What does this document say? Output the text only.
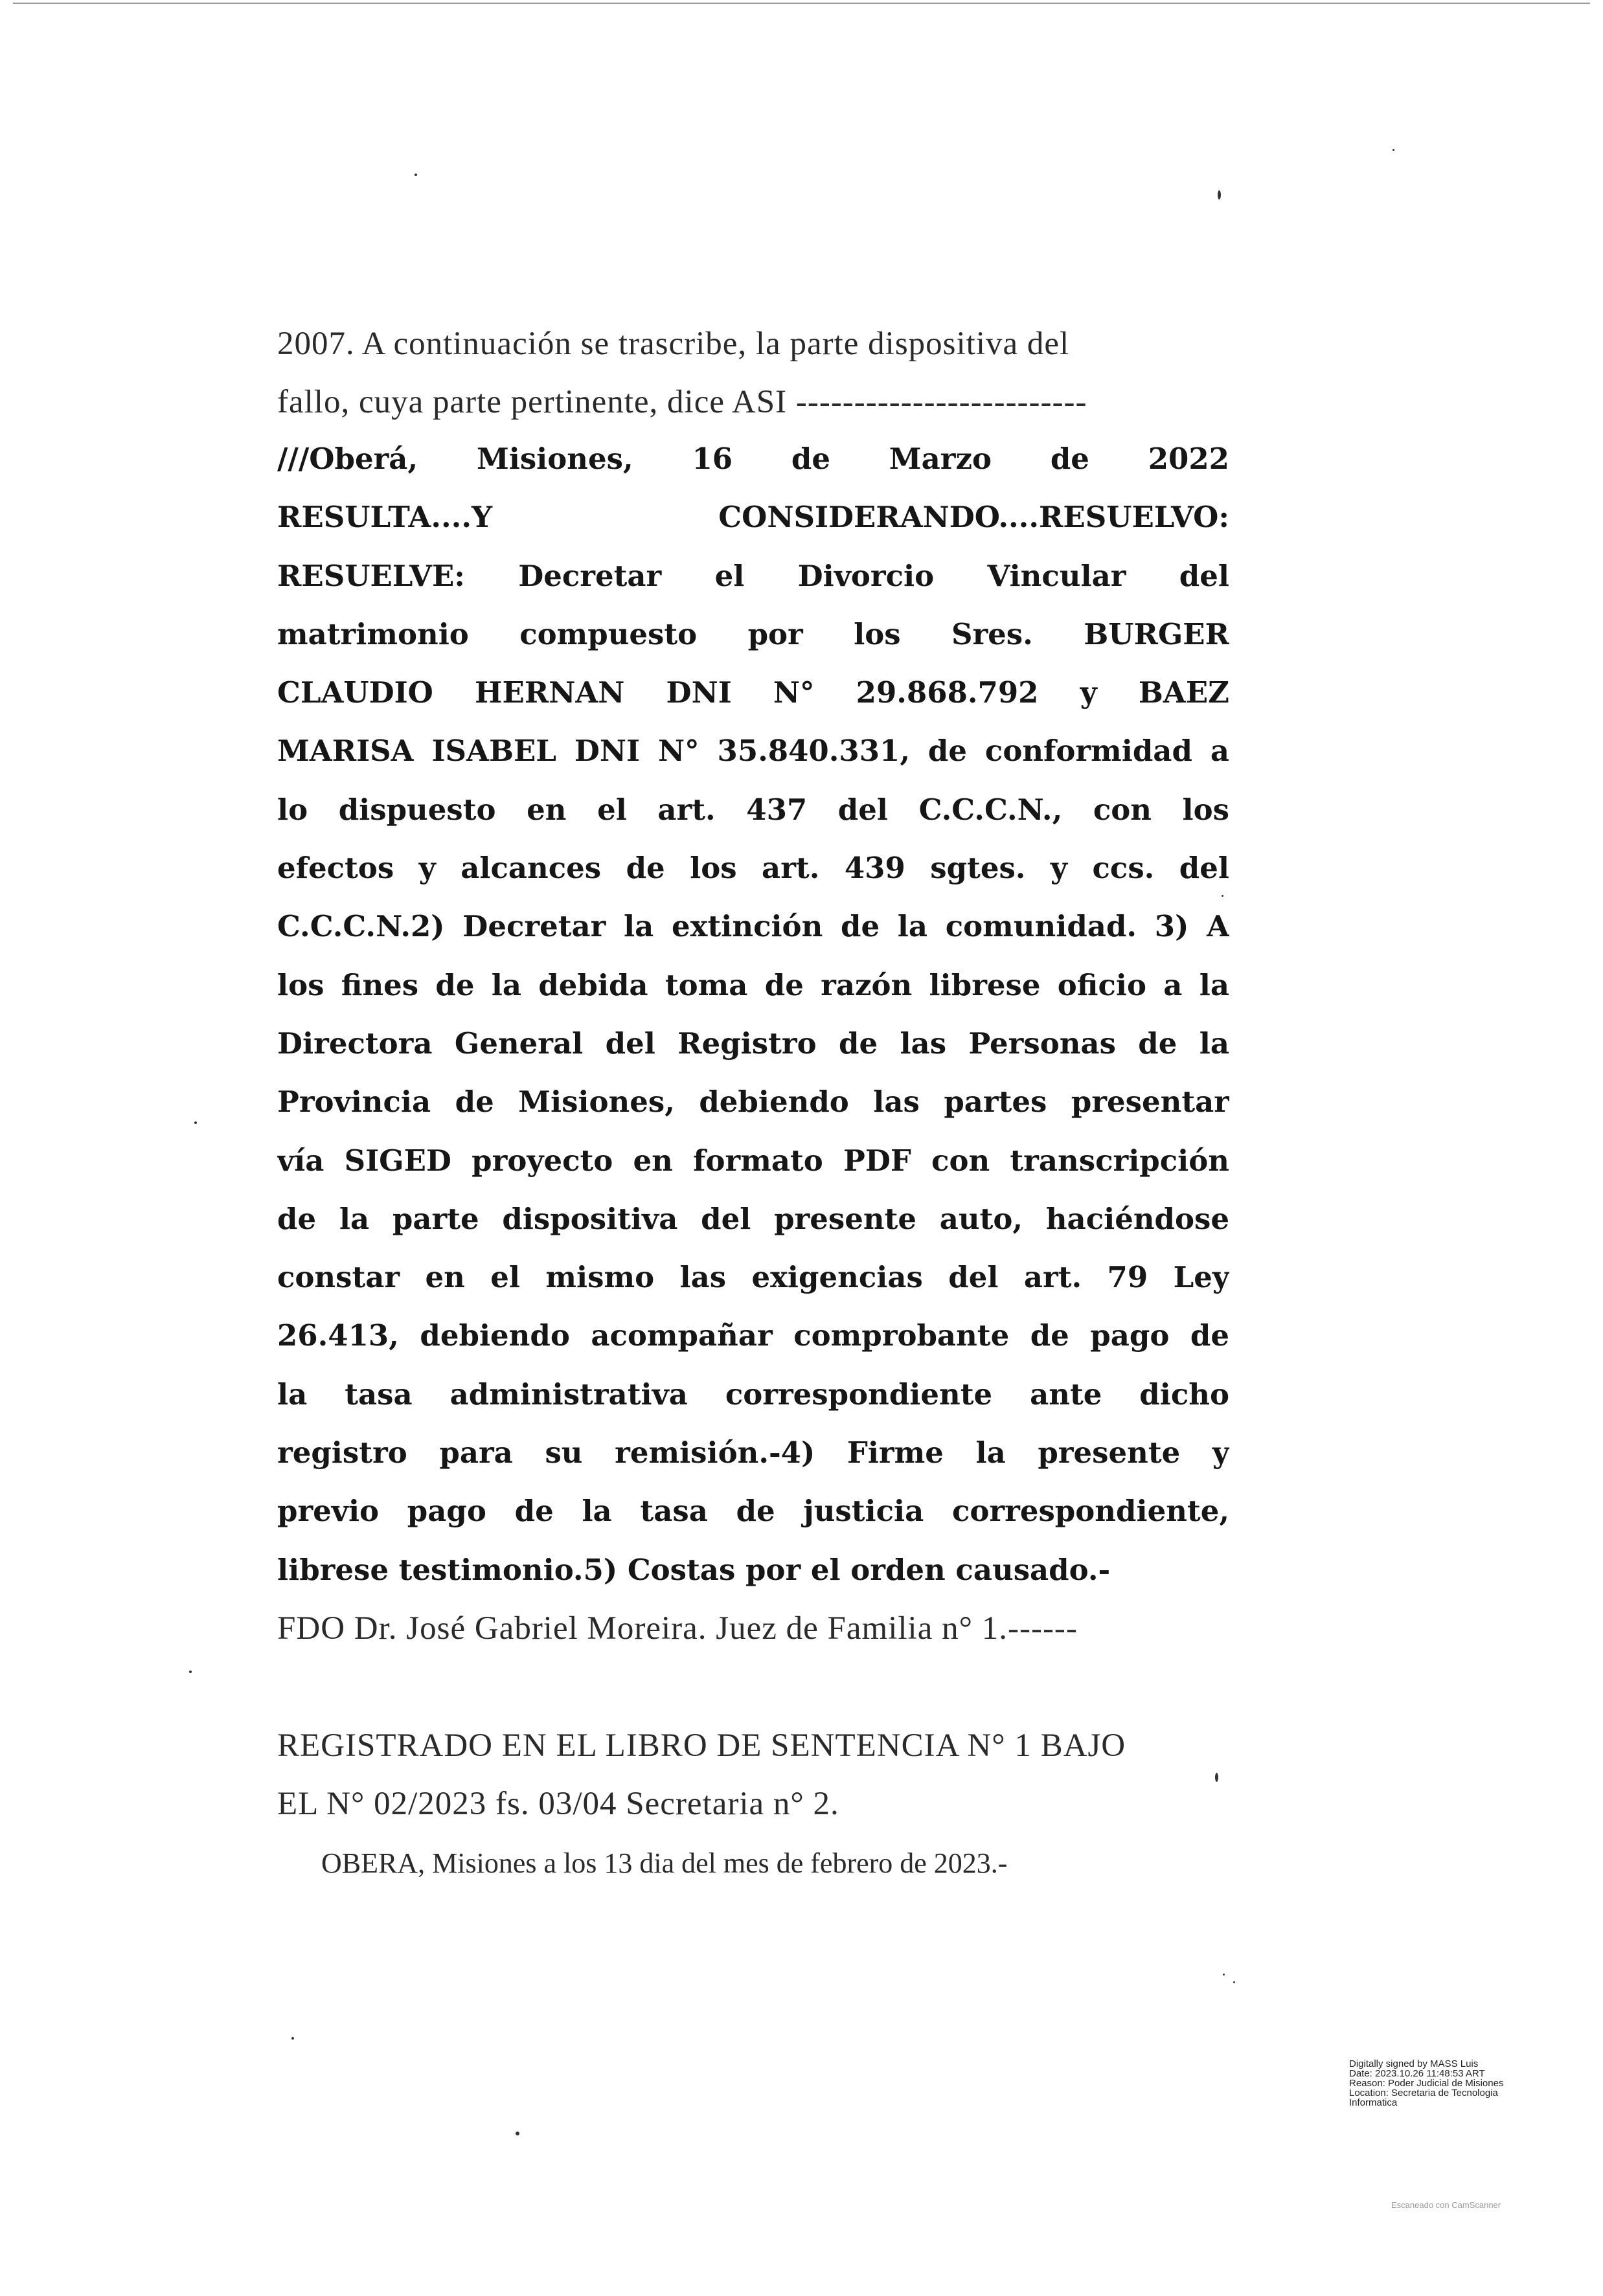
2007. A continuación se trascribe, la parte dispositiva del
fallo, cuya parte pertinente, dice ASI -------------------------
///Oberá, Misiones, 16 de Marzo de 2022
RESULTA....Y CONSIDERANDO....RESUELVO:
RESUELVE: Decretar el Divorcio Vincular del
matrimonio compuesto por los Sres. BURGER
CLAUDIO HERNAN DNI N° 29.868.792 y BAEZ
MARISA ISABEL DNI N° 35.840.331, de conformidad a
lo dispuesto en el art. 437 del C.C.C.N., con los
efectos y alcances de los art. 439 sgtes. y ccs. del
C.C.C.N.2) Decretar la extinción de la comunidad. 3) A
los fines de la debida toma de razón librese oficio a la
Directora General del Registro de las Personas de la
Provincia de Misiones, debiendo las partes presentar
vía SIGED proyecto en formato PDF con transcripción
de la parte dispositiva del presente auto, haciéndose
constar en el mismo las exigencias del art. 79 Ley
26.413, debiendo acompañar comprobante de pago de
la tasa administrativa correspondiente ante dicho
registro para su remisión.-4) Firme la presente y
previo pago de la tasa de justicia correspondiente,
librese testimonio.5) Costas por el orden causado.-
FDO Dr. José Gabriel Moreira. Juez de Familia n° 1.------
REGISTRADO EN EL LIBRO DE SENTENCIA N° 1 BAJO
EL N° 02/2023 fs. 03/04 Secretaria n° 2.
OBERA, Misiones a los 13 dia del mes de febrero de 2023.-
Digitally signed by MASS Luis
Date: 2023.10.26 11:48:53 ART
Reason: Poder Judicial de Misiones
Location: Secretaria de Tecnologia
Informatica
Escaneado con CamScanner
